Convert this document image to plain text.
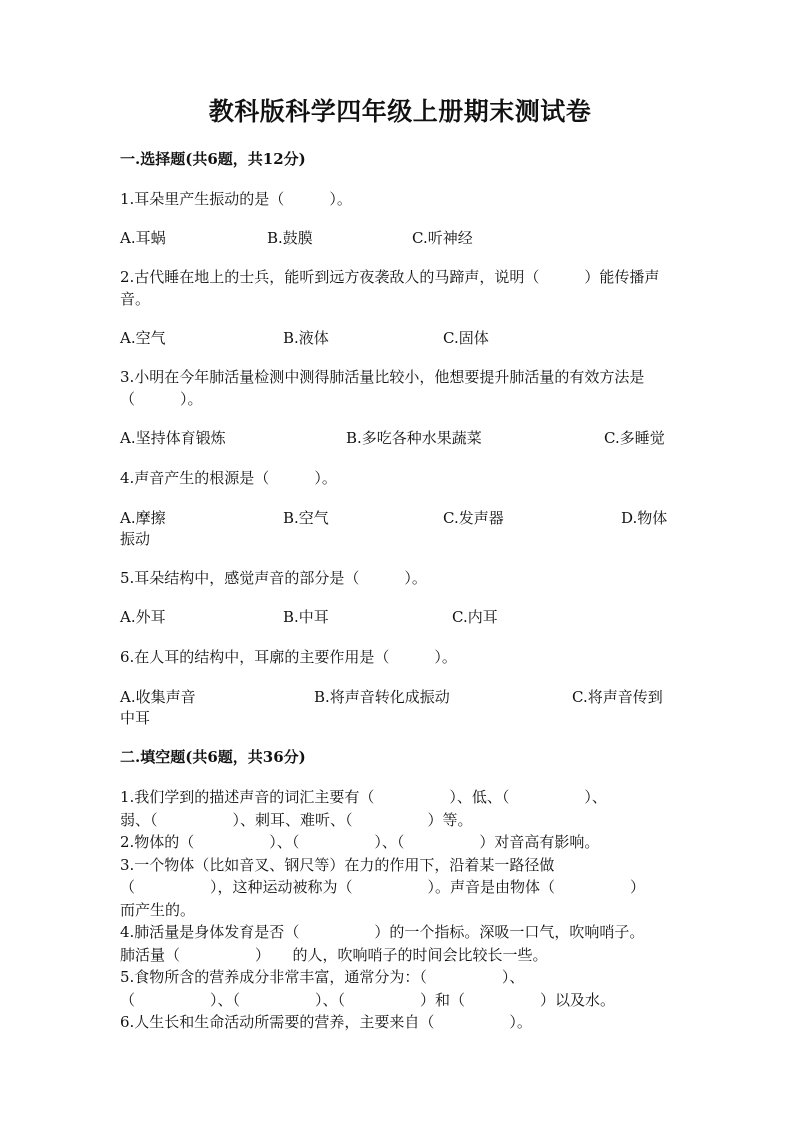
教科版科学四年级上册期末测试卷
一.选择题(共6题，共12分)
1.耳朵里产生振动的是（　　　）。
A.耳蜗	B.鼓膜	C.听神经
2.古代睡在地上的士兵，能听到远方夜袭敌人的马蹄声，说明（　　　）能传播声音。
A.空气	B.液体	C.固体
3.小明在今年肺活量检测中测得肺活量比较小，他想要提升肺活量的有效方法是（　　　）。
A.坚持体育锻炼	B.多吃各种水果蔬菜	C.多睡觉
4.声音产生的根源是（　　　）。
A.摩擦	B.空气	C.发声器	D.物体
振动
5.耳朵结构中，感觉声音的部分是（　　　）。
A.外耳	B.中耳	C.内耳
6.在人耳的结构中，耳廓的主要作用是（　　　）。
A.收集声音	B.将声音转化成振动	C.将声音传到
中耳
二.填空题(共6题，共36分)
1.我们学到的描述声音的词汇主要有（　　　　　）、低、（　　　　　）、
弱、（　　　　　）、刺耳、难听、（　　　　　）等。
2.物体的（　　　　　）、（　　　　　）、（　　　　　）对音高有影响。
3.一个物体（比如音叉、钢尺等）在力的作用下，沿着某一路径做
（　　　　　），这种运动被称为（　　　　　）。声音是由物体（　　　　　）
而产生的。
4.肺活量是身体发育是否（　　　　　）的一个指标。深吸一口气，吹响哨子。
肺活量（　　　　　）　　的人，吹响哨子的时间会比较长一些。
5.食物所含的营养成分非常丰富，通常分为：（　　　　　）、
（　　　　　）、（　　　　　）、（　　　　　）和（　　　　　）以及水。
6.人生长和生命活动所需要的营养，主要来自（　　　　　）。
